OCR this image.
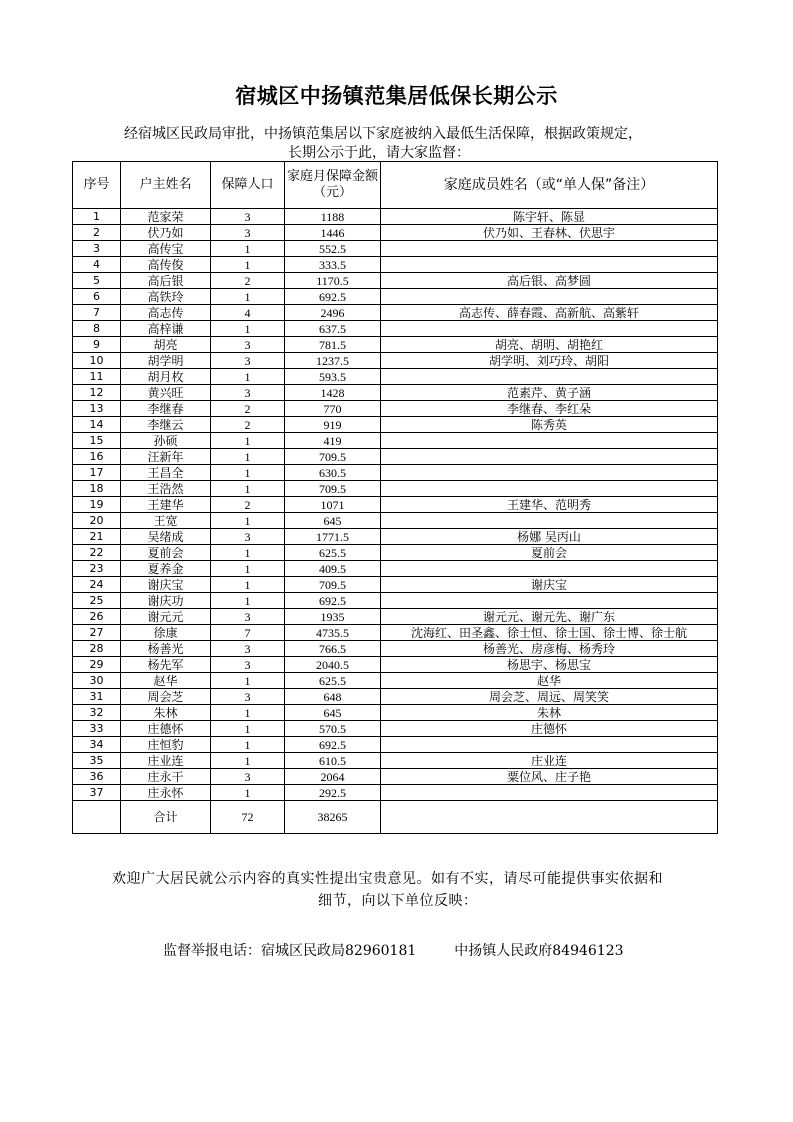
宿城区中扬镇范集居低保长期公示
经宿城区民政局审批，中扬镇范集居以下家庭被纳入最低生活保障，根据政策规定，
长期公示于此，请大家监督：
序号	户主姓名	保障人口	家庭月保障金额（元）	家庭成员姓名（或“单人保”备注）
1	范家荣	3	1188	陈宇轩、陈显
2	伏乃如	3	1446	伏乃如、王春林、伏思宇
3	高传宝	1	552.5	
4	高传俊	1	333.5	
5	高后银	2	1170.5	高后银、高梦圆
6	高铁玲	1	692.5	
7	高志传	4	2496	高志传、薛春霞、高新航、高紫轩
8	高梓谦	1	637.5	
9	胡亮	3	781.5	胡亮、胡明、胡艳红
10	胡学明	3	1237.5	胡学明、刘巧玲、胡阳
11	胡月枚	1	593.5	
12	黄兴旺	3	1428	范素芹、黄子涵
13	李继春	2	770	李继春、李红朵
14	李继云	2	919	陈秀英
15	孙硕	1	419	
16	汪新年	1	709.5	
17	王昌全	1	630.5	
18	王浩然	1	709.5	
19	王建华	2	1071	王建华、范明秀
20	王宽	1	645	
21	吴绪成	3	1771.5	杨娜 吴丙山
22	夏前会	1	625.5	夏前会
23	夏养金	1	409.5	
24	谢庆宝	1	709.5	谢庆宝
25	谢庆功	1	692.5	
26	谢元元	3	1935	谢元元、谢元先、谢广东
27	徐康	7	4735.5	沈海红、田圣鑫、徐士恒、徐士国、徐士博、徐士航
28	杨善光	3	766.5	杨善光、房彦梅、杨秀玲
29	杨先军	3	2040.5	杨思宇、杨思宝
30	赵华	1	625.5	赵华
31	周会芝	3	648	周会芝、周远、周笑笑
32	朱林	1	645	朱林
33	庄德怀	1	570.5	庄德怀
34	庄恒豹	1	692.5	
35	庄业连	1	610.5	庄业连
36	庄永干	3	2064	粟位风、庄子艳
37	庄永怀	1	292.5	
	合计	72	38265	
欢迎广大居民就公示内容的真实性提出宝贵意见。如有不实，请尽可能提供事实依据和
细节，向以下单位反映：
监督举报电话：宿城区民政局82960181	中扬镇人民政府84946123
